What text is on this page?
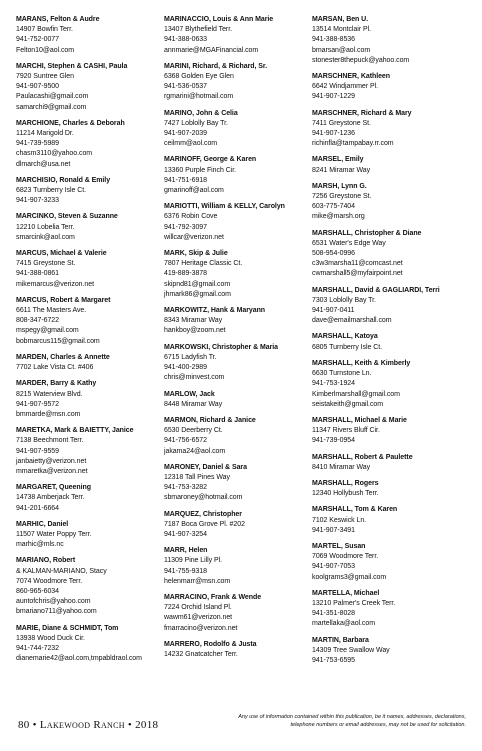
MARANS, Felton & Audre
14907 Bowfin Terr.
941-752-0077
Felton10@aol.com
MARCHI, Stephen & CASHI, Paula
7920 Suntree Glen
941-907-9500
Paulacashi@gmail.com
samarchi9@gmail.com
MARCHIONE, Charles & Deborah
11214 Marigold Dr.
941-739-5989
chasm3110@yahoo.com
dlmarch@usa.net
MARCHISIO, Ronald & Emily
6823 Turnberry Isle Ct.
941-907-3233
MARCINKO, Steven & Suzanne
12210 Lobelia Terr.
smarcink@aol.com
MARCUS, Michael & Valerie
7415 Greystone St.
941-388-0861
mikemarcus@verizon.net
MARCUS, Robert & Margaret
6611 The Masters Ave.
808-347-6722
mspegy@gmail.com
bobmarcus115@gmail.com
MARDEN, Charles & Annette
7702 Lake Vista Ct. #406
MARDER, Barry & Kathy
8215 Waterview Blvd.
941-907-9572
bmmarde@msn.com
MARETKA, Mark & BAIETTY, Janice
7138 Beechmont Terr.
941-907-9559
janbaietty@verizon.net
mmaretka@verizon.net
MARGARET, Queening
14738 Amberjack Terr.
941-201-6664
MARHIC, Daniel
11507 Water Poppy Terr.
marhic@mls.nc
MARIANO, Robert
& KALMAN-MARIANO, Stacy
7074 Woodmore Terr.
860-965-6034
auntofchris@yahoo.com
bmariano711@yahoo.com
MARIE, Diane & SCHMIDT, Tom
13938 Wood Duck Cir.
941-744-7232
dianemarie42@aol.com,tmpabldraol.com
MARINACCIO, Louis & Ann Marie
13407 Blythefield Terr.
941-388-0633
annmarie@MGAFinancial.com
MARINI, Richard, & Richard, Sr.
6368 Golden Eye Glen
941-536-0537
rgmarini@hotmail.com
MARINO, John & Celia
7427 Loblolly Bay Tr.
941-907-2039
ceilmm@aol.com
MARINOFF, George & Karen
13360 Purple Finch Cir.
941-751-6918
gmarinoff@aol.com
MARIOTTI, William & KELLY, Carolyn
6376 Robin Cove
941-792-3097
willcar@verizon.net
MARK, Skip & Julie
7807 Heritage Classic Ct.
419-889-3878
skipnd81@gmail.com
jhmark86@gmail.com
MARKOWITZ, Hank & Maryann
8343 Miramar Way
hankboy@zoom.net
MARKOWSKI, Christopher & Maria
6715 Ladyfish Tr.
941-400-2989
chris@minvest.com
MARLOW, Jack
8448 Miramar Way
MARMON, Richard & Janice
6530 Deerberry Ct.
941-756-6572
jakama24@aol.com
MARONEY, Daniel & Sara
12318 Tall Pines Way
941-753-3282
sbmaroney@hotmail.com
MARQUEZ, Christopher
7187 Boca Grove Pl. #202
941-907-3254
MARR, Helen
11309 Pine Lilly Pl.
941-755-9318
helenmarr@msn.com
MARRACINO, Frank & Wende
7224 Orchid Island Pl.
wawm61@verizon.net
fmarracino@verizon.net
MARRERO, Rodolfo & Justa
14232 Gnatcatcher Terr.
MARSAN, Ben U.
13514 Montclair Pl.
941-388-8536
bmarsan@aol.com
stonester8thepuck@yahoo.com
MARSCHNER, Kathleen
6642 Windjammer Pl.
941-907-1229
MARSCHNER, Richard & Mary
7411 Greystone St.
941-907-1236
richinfla@tampabay.rr.com
MARSEL, Emily
8241 Miramar Way
MARSH, Lynn G.
7256 Greystone St.
603-775-7404
mike@marsh.org
MARSHALL, Christopher & Diane
6531 Water's Edge Way
508-954-0996
c3w3marsha11@comcast.net
cwmarshall5@myfairpoint.net
MARSHALL, David & GAGLIARDI, Terri
7303 Loblolly Bay Tr.
941-907-0411
dave@emailmarshall.com
MARSHALL, Katoya
6805 Turnberry Isle Ct.
MARSHALL, Keith & Kimberly
6630 Turnstone Ln.
941-753-1924
Kimberlmarshall@gmail.com
seistakeith@gmail.com
MARSHALL, Michael & Marie
11347 Rivers Bluff Cir.
941-739-0954
MARSHALL, Robert & Paulette
8410 Miramar Way
MARSHALL, Rogers
12340 Hollybush Terr.
MARSHALL, Tom & Karen
7102 Keswick Ln.
941-907-3491
MARTEL, Susan
7069 Woodmore Terr.
941-907-7053
koolgrams3@gmail.com
MARTELLA, Michael
13210 Palmer's Creek Terr.
941-351-8028
martellaka@aol.com
MARTIN, Barbara
14309 Tree Swallow Way
941-753-6595
80 • Lakewood Ranch • 2018
Any use of information contained within this publication, be it names, addresses, declarations, telephone numbers or email addresses, may not be used for solicitation.
